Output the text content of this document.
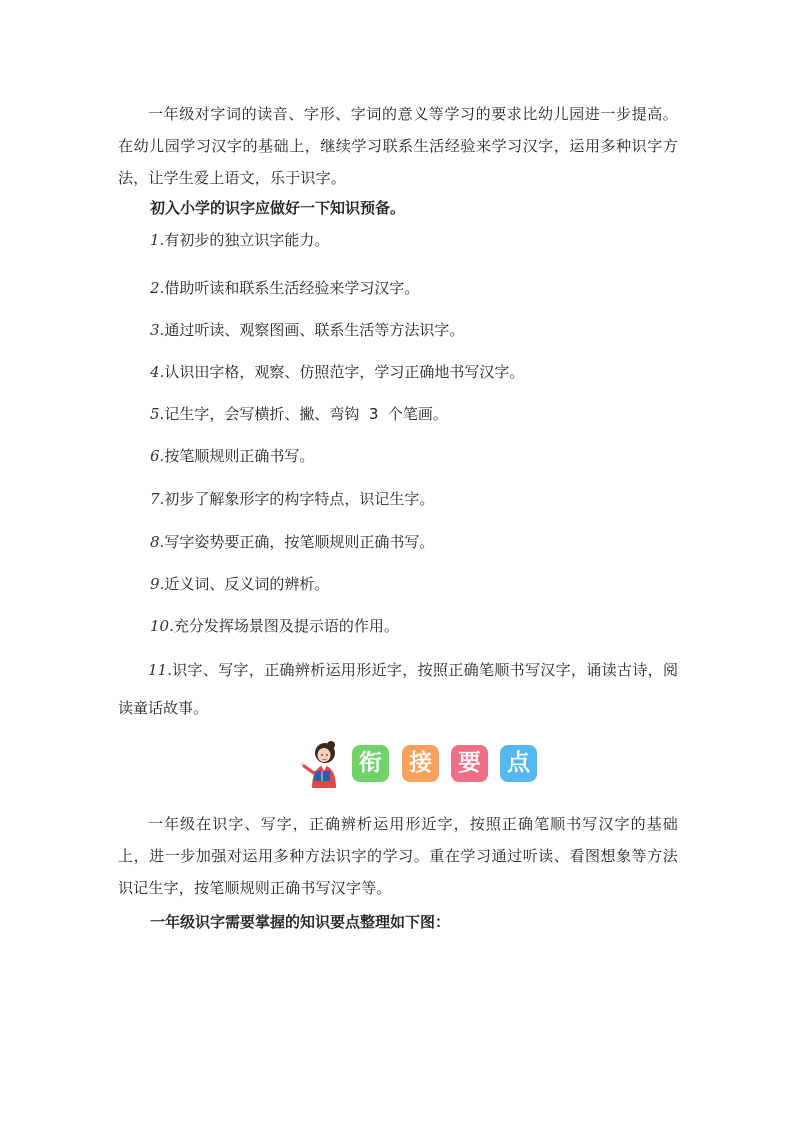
一年级对字词的读音、字形、字词的意义等学习的要求比幼儿园进一步提高。在幼儿园学习汉字的基础上，继续学习联系生活经验来学习汉字，运用多种识字方法，让学生爱上语文，乐于识字。

初入小学的识字应做好一下知识预备。

1.有初步的独立识字能力。

2.借助听读和联系生活经验来学习汉字。

3.通过听读、观察图画、联系生活等方法识字。

4.认识田字格，观察、仿照范字，学习正确地书写汉字。

5.记生字，会写横折、撇、弯钩  3  个笔画。

6.按笔顺规则正确书写。

7.初步了解象形字的构字特点，识记生字。

8.写字姿势要正确，按笔顺规则正确书写。

9.近义词、反义词的辨析。

10.充分发挥场景图及提示语的作用。

11.识字、写字，正确辨析运用形近字，按照正确笔顺书写汉字，诵读古诗，阅读童话故事。

衔	接	要	点

一年级在识字、写字，正确辨析运用形近字，按照正确笔顺书写汉字的基础上，进一步加强对运用多种方法识字的学习。重在学习通过听读、看图想象等方法识记生字，按笔顺规则正确书写汉字等。

一年级识字需要掌握的知识要点整理如下图：
